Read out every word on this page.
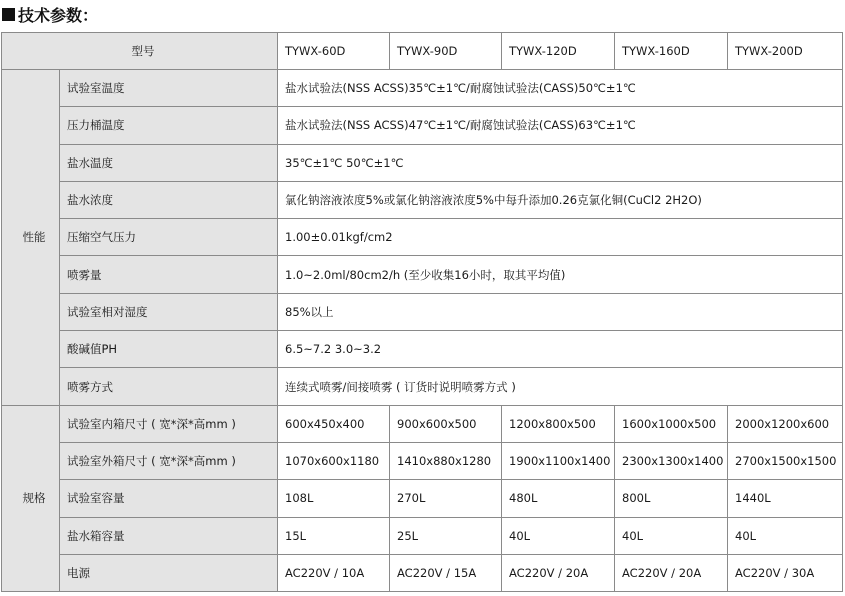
技术参数：
型号		TYWX-60D	TYWX-90D	TYWX-120D	TYWX-160D	TYWX-200D
性能	试验室温度	盐水试验法(NSS ACSS)35℃±1℃/耐腐蚀试验法(CASS)50℃±1℃				
	压力桶温度	盐水试验法(NSS ACSS)47℃±1℃/耐腐蚀试验法(CASS)63℃±1℃				
	盐水温度	35℃±1℃ 50℃±1℃				
	盐水浓度	氯化钠溶液浓度5%或氯化钠溶液浓度5%中每升添加0.26克氯化铜(CuCl2 2H2O)				
	压缩空气压力	1.00±0.01kgf/cm2				
	喷雾量	1.0~2.0ml/80cm2/h (至少收集16小时，取其平均值)				
	试验室相对湿度	85%以上				
	酸碱值PH	6.5~7.2 3.0~3.2				
	喷雾方式	连续式喷雾/间接喷雾 ( 订货时说明喷雾方式 )				
规格	试验室内箱尺寸 ( 宽*深*高mm )	600x450x400	900x600x500	1200x800x500	1600x1000x500	2000x1200x600
	试验室外箱尺寸 ( 宽*深*高mm )	1070x600x1180	1410x880x1280	1900x1100x1400	2300x1300x1400	2700x1500x1500
	试验室容量	108L	270L	480L	800L	1440L
	盐水箱容量	15L	25L	40L	40L	40L
	电源	AC220V / 10A	AC220V / 15A	AC220V / 20A	AC220V / 20A	AC220V / 30A
